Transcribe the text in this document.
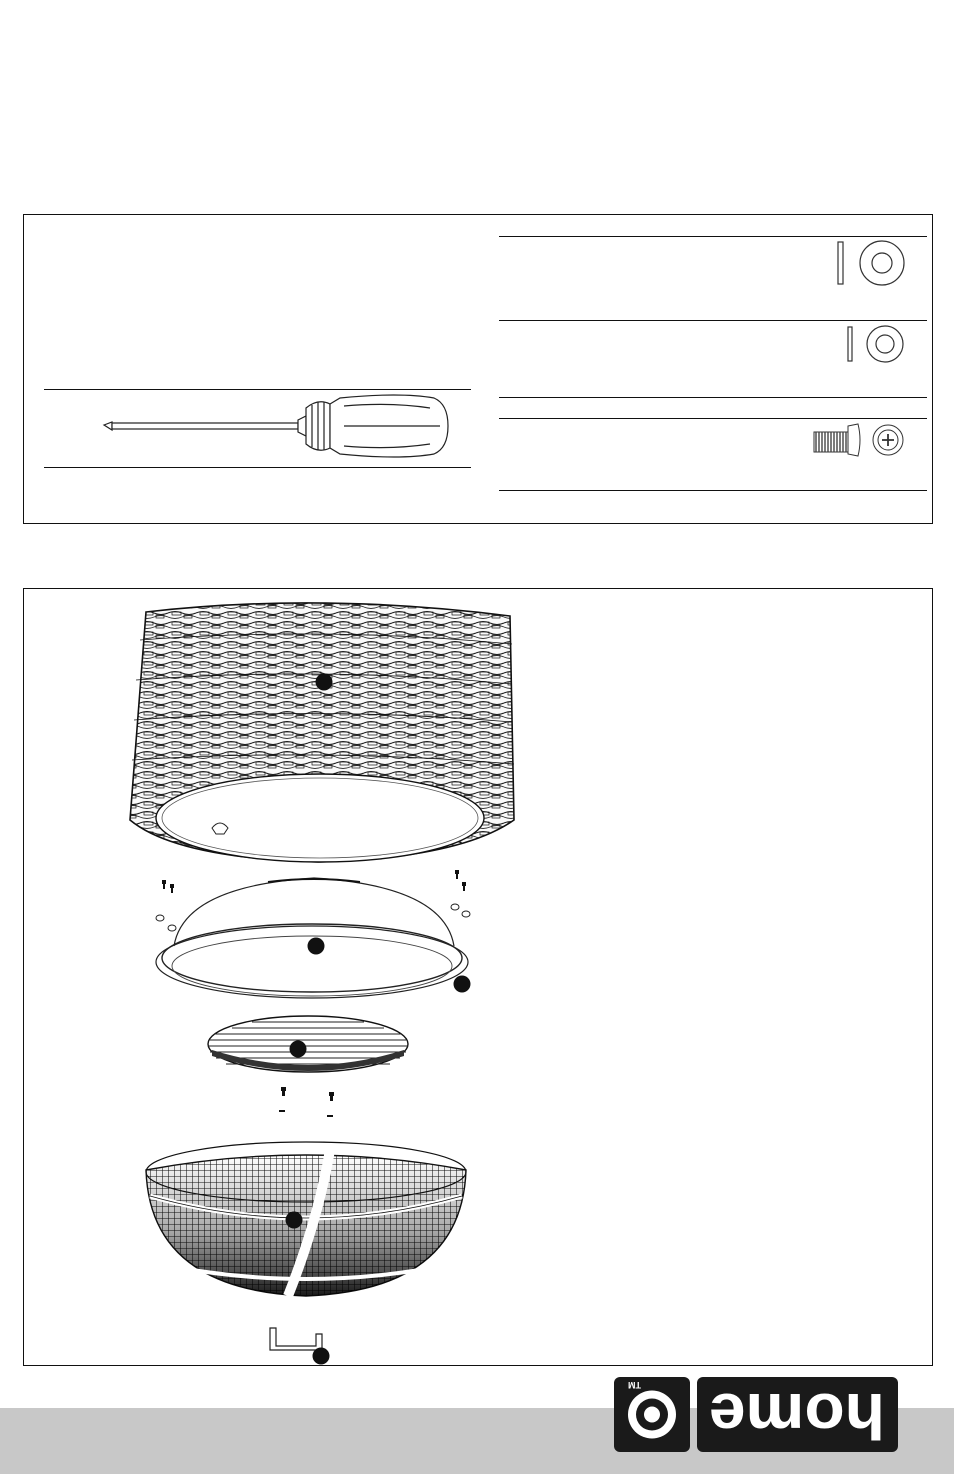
TM home
